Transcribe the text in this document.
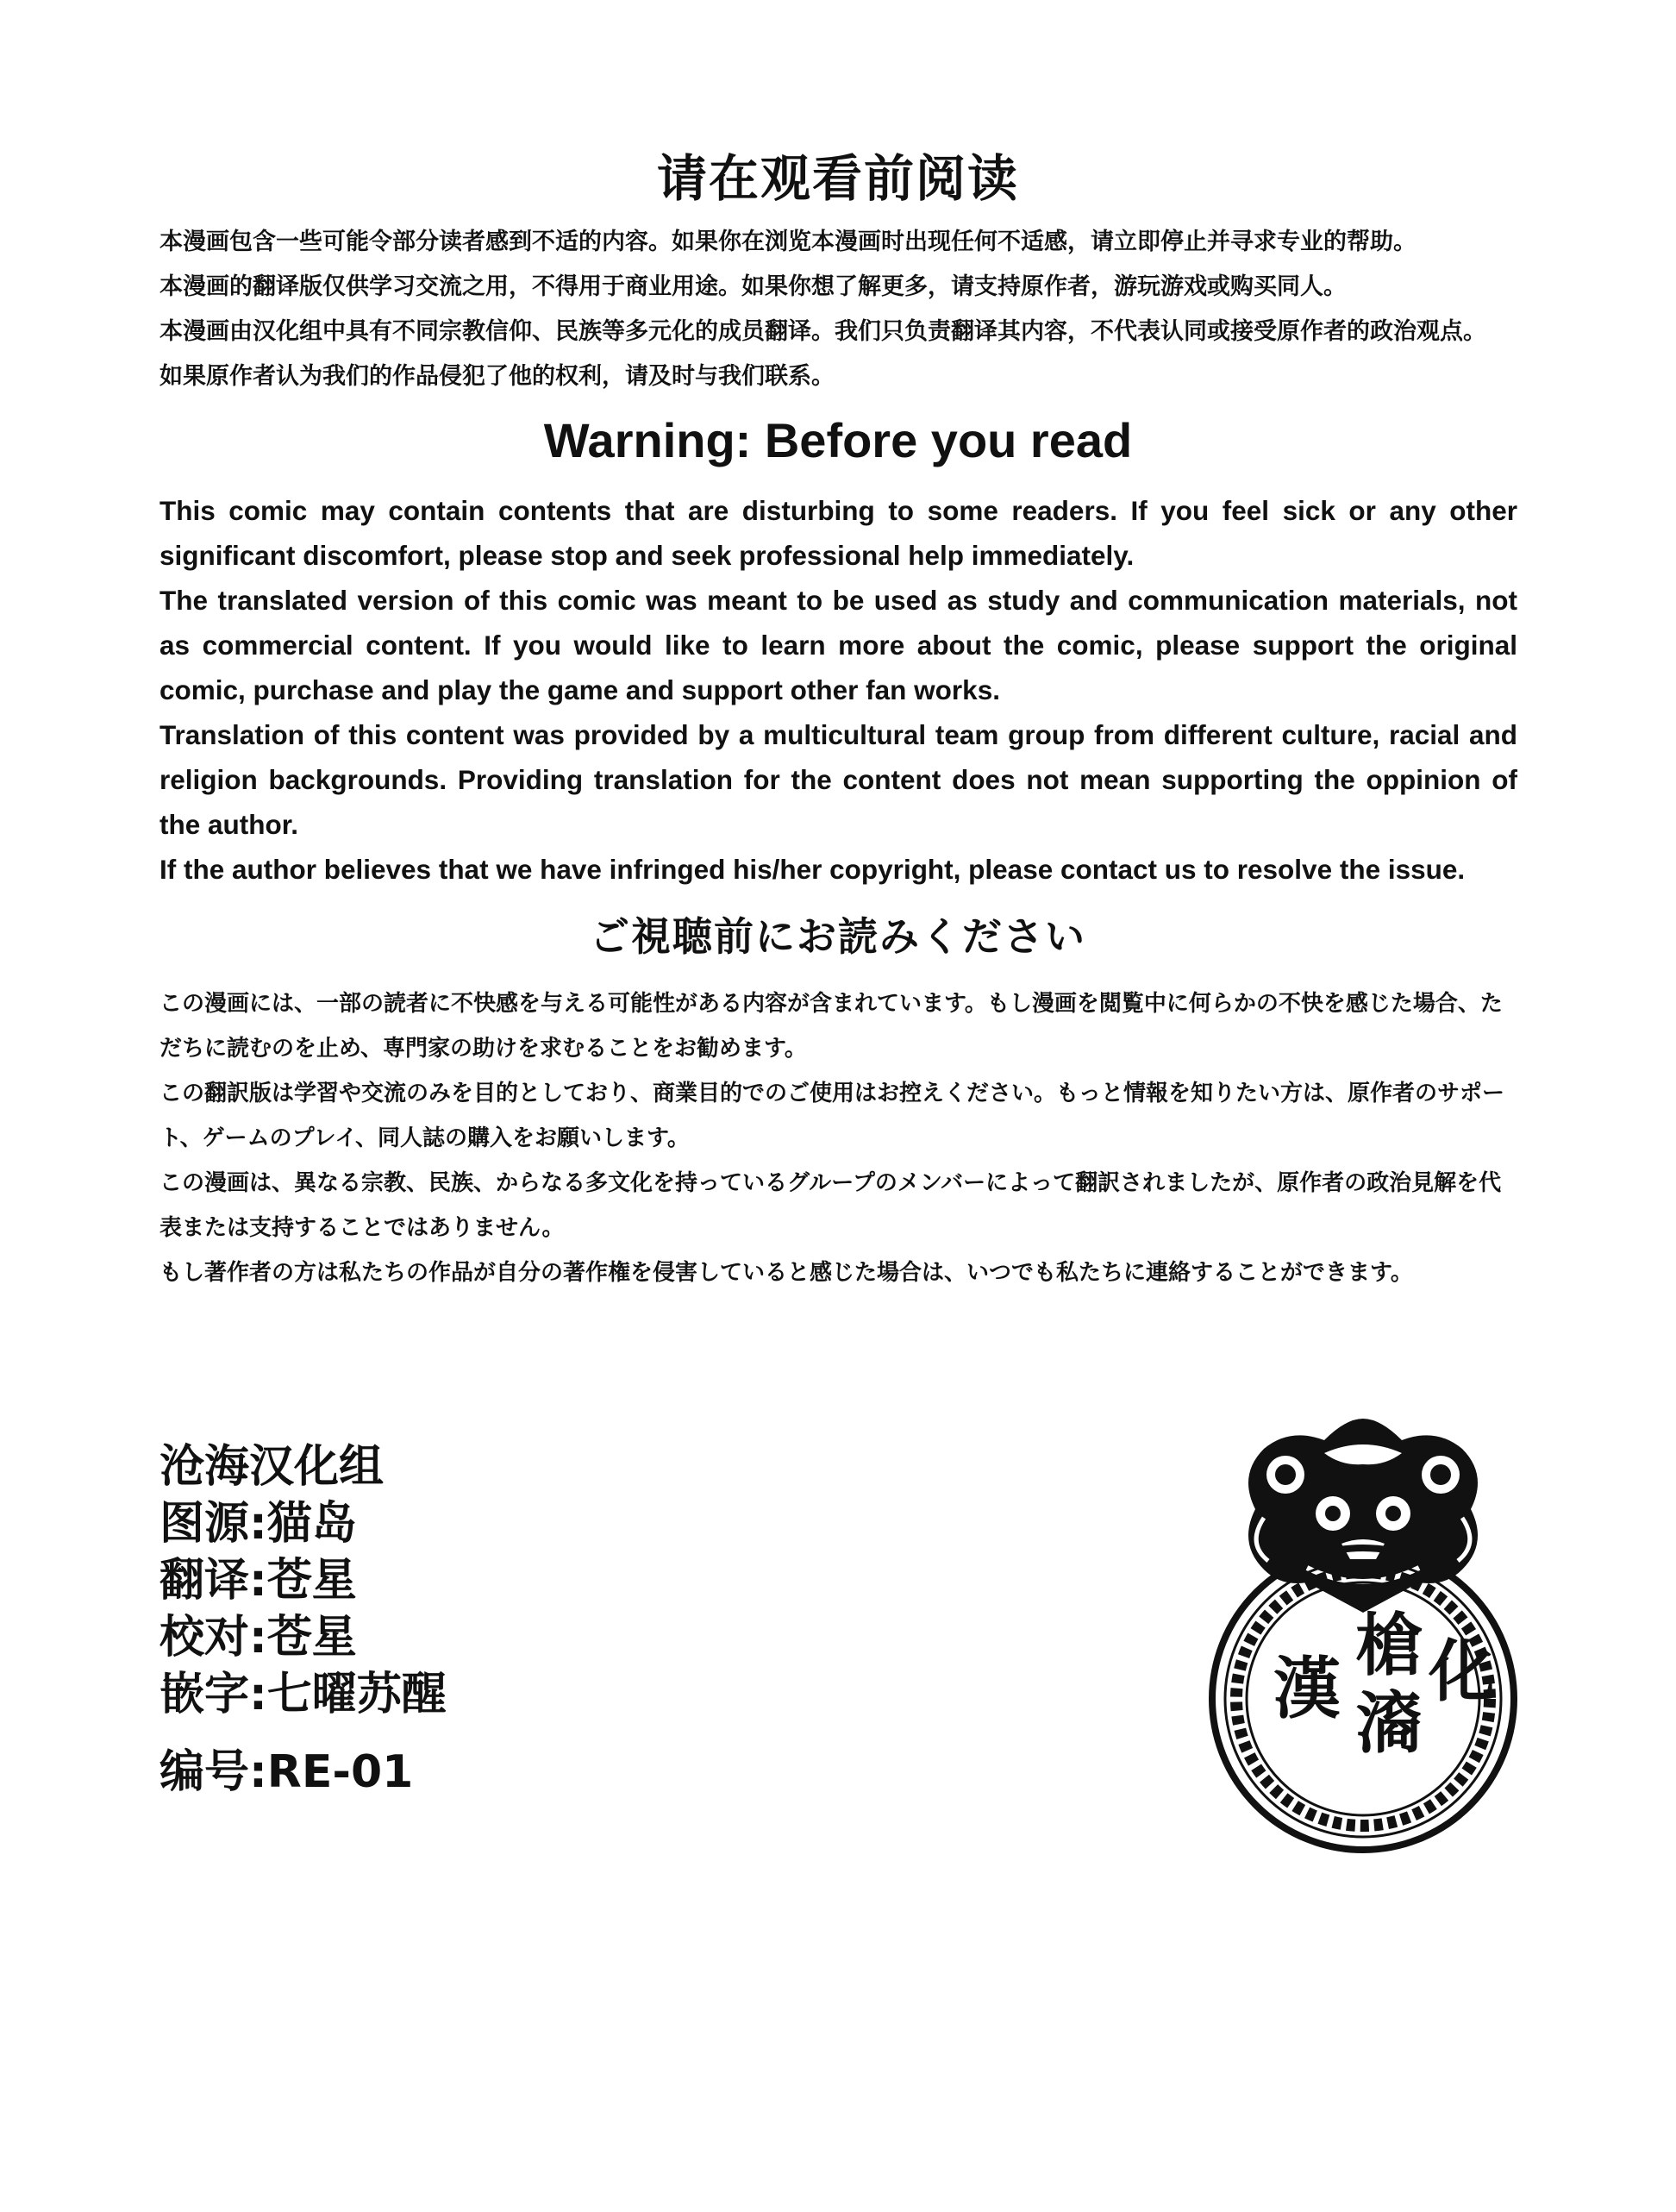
请在观看前阅读

本漫画包含一些可能令部分读者感到不适的内容。如果你在浏览本漫画时出现任何不适感，请立即停止并寻求专业的帮助。

本漫画的翻译版仅供学习交流之用，不得用于商业用途。如果你想了解更多，请支持原作者，游玩游戏或购买同人。

本漫画由汉化组中具有不同宗教信仰、民族等多元化的成员翻译。我们只负责翻译其内容，不代表认同或接受原作者的政治观点。

如果原作者认为我们的作品侵犯了他的权利，请及时与我们联系。

Warning: Before you read

This comic may contain contents that are disturbing to some readers. If you feel sick or any other significant discomfort, please stop and seek professional help immediately.

The translated version of this comic was meant to be used as study and communication materials, not as commercial content. If you would like to learn more about the comic, please support the original comic, purchase and play the game and support other fan works.

Translation of this content was provided by a multicultural team group from different culture, racial and religion backgrounds. Providing translation for the content does not mean supporting the oppinion of the author.

If the author believes that we have infringed his/her copyright, please contact us to resolve the issue.

ご視聴前にお読みください

この漫画には、一部の読者に不快感を与える可能性がある内容が含まれています。もし漫画を閲覧中に何らかの不快を感じた場合、ただちに読むのを止め、専門家の助けを求むることをお勧めます。

この翻訳版は学習や交流のみを目的としており、商業目的でのご使用はお控えください。もっと情報を知りたい方は、原作者のサポート、ゲームのプレイ、同人誌の購入をお願いします。

この漫画は、異なる宗教、民族、からなる多文化を持っているグループのメンバーによって翻訳されましたが、原作者の政治見解を代表または支持することではありません。

もし著作者の方は私たちの作品が自分の著作権を侵害していると感じた場合は、いつでも私たちに連絡することができます。

沧海汉化组
图源:猫岛
翻译:苍星
校对:苍星
嵌字:七曜苏醒
编号:RE-01
槍
㵝
漢 化
